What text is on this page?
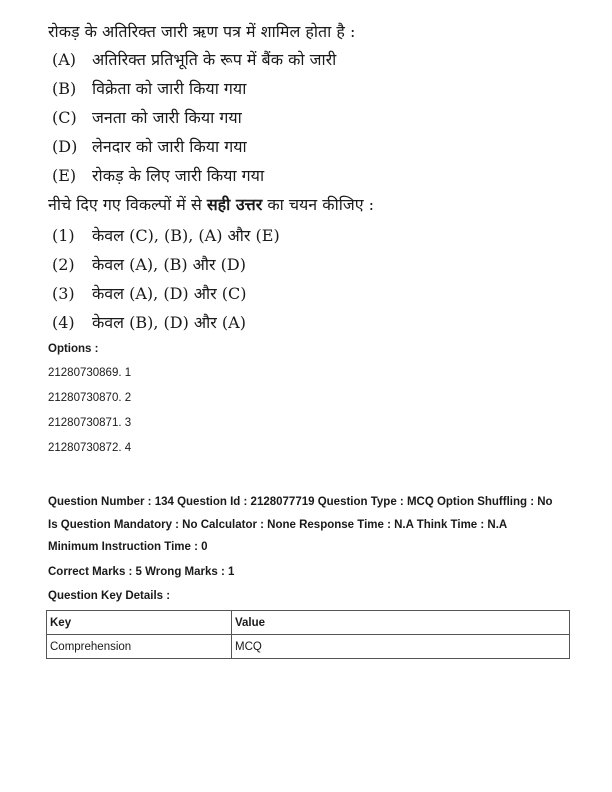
रोकड़ के अतिरिक्त जारी ऋण पत्र में शामिल होता है :
(A) अतिरिक्त प्रतिभूति के रूप में बैंक को जारी
(B) विक्रेता को जारी किया गया
(C) जनता को जारी किया गया
(D) लेनदार को जारी किया गया
(E) रोकड़ के लिए जारी किया गया
नीचे दिए गए विकल्पों में से सही उत्तर का चयन कीजिए :
(1) केवल (C), (B), (A) और (E)
(2) केवल (A), (B) और (D)
(3) केवल (A), (D) और (C)
(4) केवल (B), (D) और (A)
Options :
21280730869. 1
21280730870. 2
21280730871. 3
21280730872. 4
Question Number : 134 Question Id : 2128077719 Question Type : MCQ Option Shuffling : No
Is Question Mandatory : No Calculator : None Response Time : N.A Think Time : N.A
Minimum Instruction Time : 0
Correct Marks : 5 Wrong Marks : 1
Question Key Details :
Key	Value
Comprehension	MCQ
